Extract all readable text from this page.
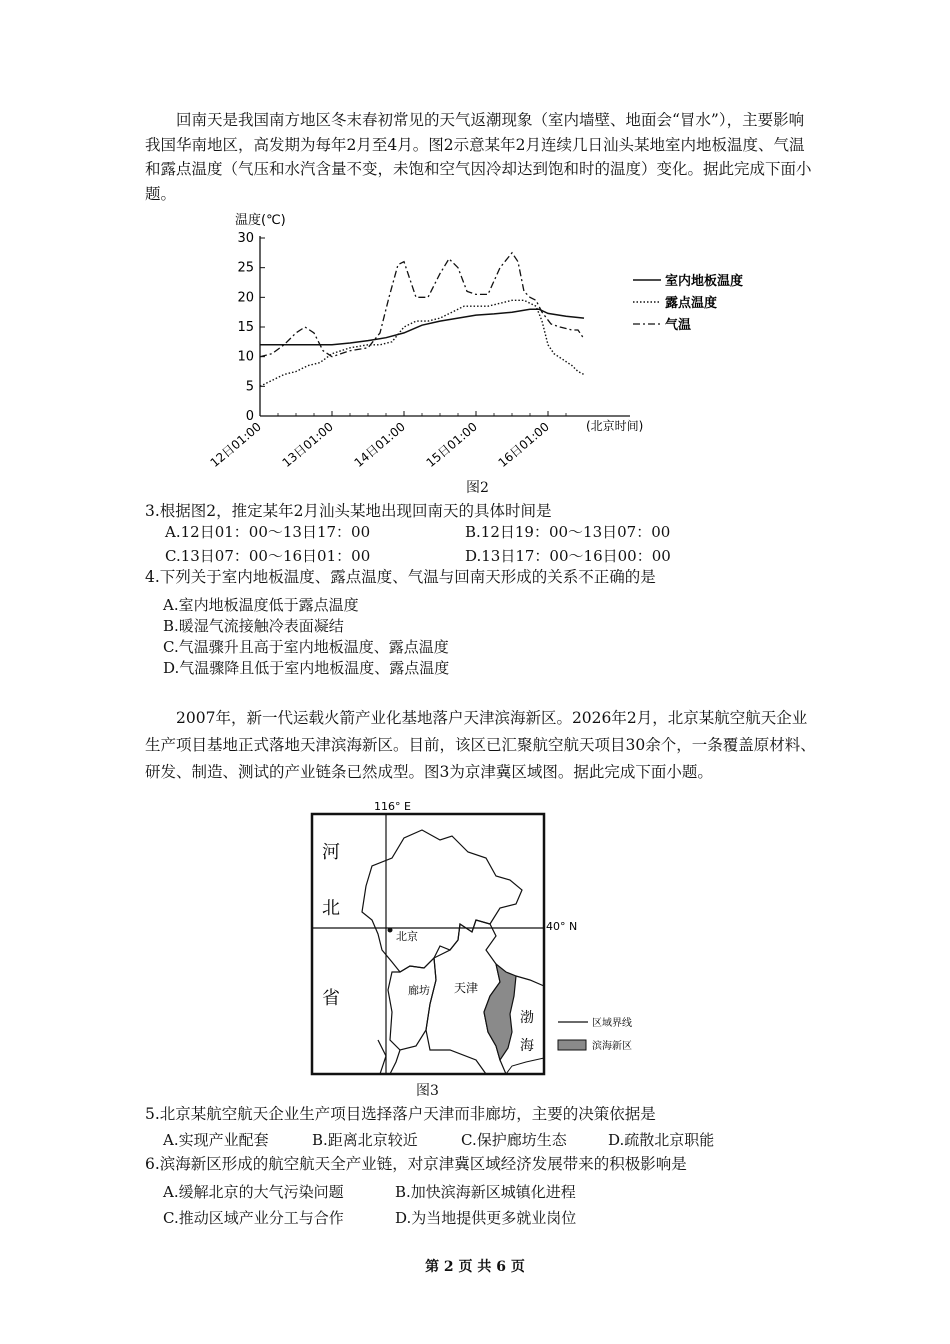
回南天是我国南方地区冬末春初常见的天气返潮现象（室内墙壁、地面会“冒水”），主要影响我国华南地区，高发期为每年2月至4月。图2示意某年2月连续几日汕头某地室内地板温度、气温和露点温度（气压和水汽含量不变，未饱和空气因冷却达到饱和时的温度）变化。据此完成下面小题。

温度(℃)
0
5
10
15
20
25
30
12日01:00 13日01:00 14日01:00 15日01:00 16日01:00	(北京时间)
室内地板温度
露点温度
气温
图2
3.根据图2，推定某年2月汕头某地出现回南天的具体时间是
A.12日01：00～13日17：00	B.12日19：00～13日07：00
C.13日07：00～16日01：00	D.13日17：00～16日00：00
4.下列关于室内地板温度、露点温度、气温与回南天形成的关系不正确的是
A.室内地板温度低于露点温度
B.暖湿气流接触冷表面凝结
C.气温骤升且高于室内地板温度、露点温度
D.气温骤降且低于室内地板温度、露点温度

2007年，新一代运载火箭产业化基地落户天津滨海新区。2026年2月，北京某航空航天企业生产项目基地正式落地天津滨海新区。目前，该区已汇聚航空航天项目30余个，一条覆盖原材料、研发、制造、测试的产业链条已然成型。图3为京津冀区域图。据此完成下面小题。

116° E
40° N
河
北
省
北京
廊坊 天津
渤
海
区域界线
滨海新区
图3
5.北京某航空航天企业生产项目选择落户天津而非廊坊，主要的决策依据是
A.实现产业配套	B.距离北京较近	C.保护廊坊生态	D.疏散北京职能
6.滨海新区形成的航空航天全产业链，对京津冀区域经济发展带来的积极影响是
A.缓解北京的大气污染问题	B.加快滨海新区城镇化进程
C.推动区域产业分工与合作	D.为当地提供更多就业岗位
第 2 页 共 6 页
